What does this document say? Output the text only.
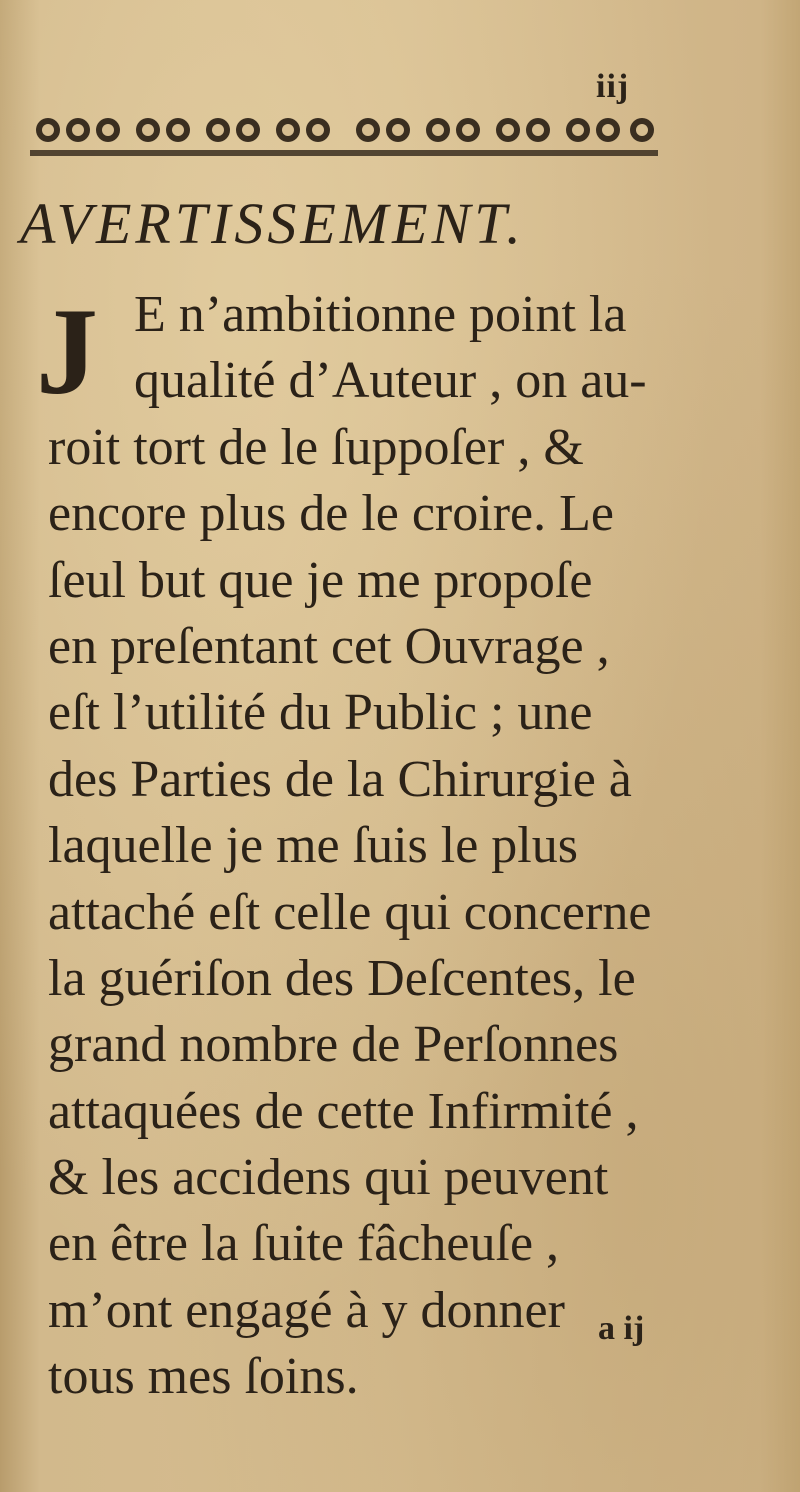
iij
AVERTISSEMENT.
J E n’ambitionne point la
qualité d’Auteur , on au-
roit tort de le ſuppoſer , &
encore plus de le croire. Le
ſeul but que je me propoſe
en preſentant cet Ouvrage ,
eſt l’utilité du Public ; une
des Parties de la Chirurgie à
laquelle je me ſuis le plus
attaché eſt celle qui concerne
la guériſon des Deſcentes, le
grand nombre de Perſonnes
attaquées de cette Infirmité ,
& les accidens qui peuvent
en être la ſuite fâcheuſe ,
m’ont engagé à y donner
tous mes ſoins.
a ij
